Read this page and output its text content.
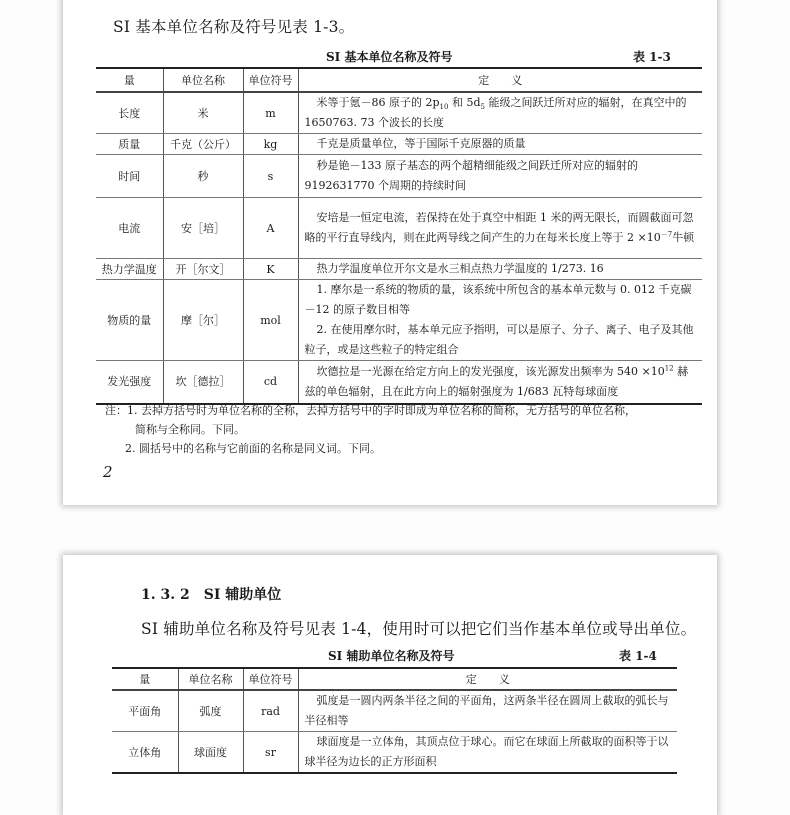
SI 基本单位名称及符号见表 1-3。
SI 基本单位名称及符号	表 1-3
量	单位名称	单位符号	定　　义
长度	米	m	米等于氪－86 原子的 $2p_{10}$ 和 $5d_5$ 能级之间跃迁所对应的辐射，在真空中的 1650763. 73 个波长的长度
质量	千克（公斤）	kg	千克是质量单位，等于国际千克原器的质量
时间	秒	s	秒是铯－133 原子基态的两个超精细能级之间跃迁所对应的辐射的 9192631770 个周期的持续时间
电流	安［培］	A	安培是一恒定电流，若保持在处于真空中相距 1 米的两无限长，而圆截面可忽略的平行直导线内，则在此两导线之间产生的力在每米长度上等于 $2 \times 10^{-7}$牛顿
热力学温度	开［尔文］	K	热力学温度单位开尔文是水三相点热力学温度的 1/273. 16
物质的量	摩［尔］	mol	1. 摩尔是一系统的物质的量，该系统中所包含的基本单元数与 0. 012 千克碳－12 的原子数目相等
2. 在使用摩尔时，基本单元应予指明，可以是原子、分子、离子、电子及其他粒子，或是这些粒子的特定组合

发光强度	坎［德拉］	cd	坎德拉是一光源在给定方向上的发光强度，该光源发出频率为 $540 \times 10^{12}$ 赫兹的单色辐射，且在此方向上的辐射强度为 1/683 瓦特每球面度
注：1. 去掉方括号时为单位名称的全称，去掉方括号中的字时即成为单位名称的简称，无方括号的单位名称，
简称与全称同。下同。
2. 圆括号中的名称与它前面的名称是同义词。下同。
2
1. 3. 2　SI 辅助单位
SI 辅助单位名称及符号见表 1-4，使用时可以把它们当作基本单位或导出单位。
SI 辅助单位名称及符号	表 1-4
量	单位名称	单位符号	定　　义
平面角	弧度	rad	弧度是一圆内两条半径之间的平面角，这两条半径在圆周上截取的弧长与半径相等
立体角	球面度	sr	球面度是一立体角，其顶点位于球心。而它在球面上所截取的面积等于以球半径为边长的正方形面积
